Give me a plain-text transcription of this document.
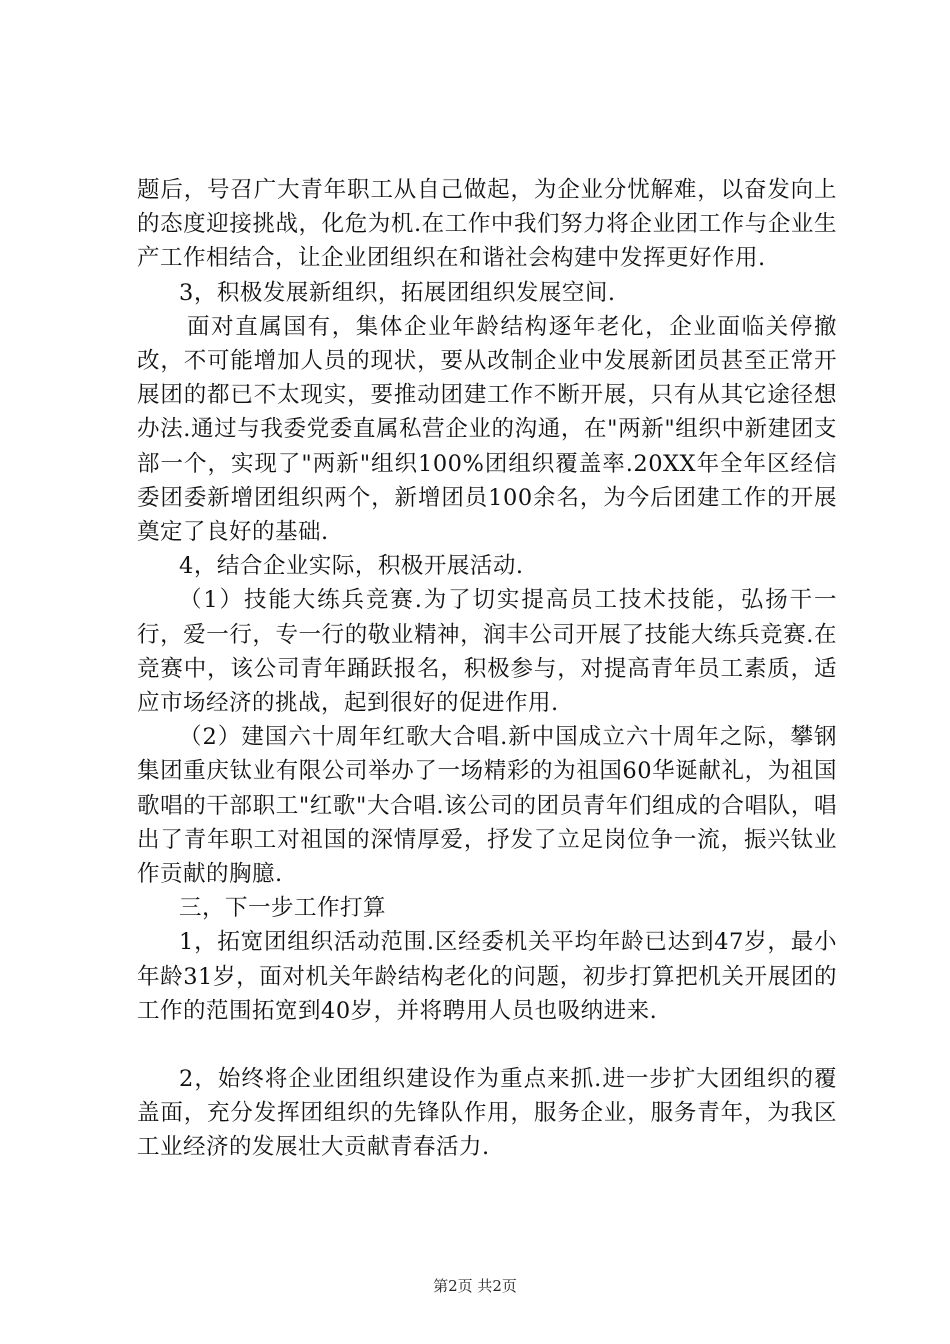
题后，号召广大青年职工从自己做起，为企业分忧解难，以奋发向上的态度迎接挑战，化危为机.在工作中我们努力将企业团工作与企业生产工作相结合，让企业团组织在和谐社会构建中发挥更好作用.

3，积极发展新组织，拓展团组织发展空间.

面对直属国有，集体企业年龄结构逐年老化，企业面临关停撤改，不可能增加人员的现状，要从改制企业中发展新团员甚至正常开展团的都已不太现实，要推动团建工作不断开展，只有从其它途径想办法.通过与我委党委直属私营企业的沟通，在"两新"组织中新建团支部一个，实现了"两新"组织100%团组织覆盖率.20XX年全年区经信委团委新增团组织两个，新增团员100余名，为今后团建工作的开展奠定了良好的基础.

4，结合企业实际，积极开展活动.

（1）技能大练兵竞赛.为了切实提高员工技术技能，弘扬干一行，爱一行，专一行的敬业精神，润丰公司开展了技能大练兵竞赛.在竞赛中，该公司青年踊跃报名，积极参与，对提高青年员工素质，适应市场经济的挑战，起到很好的促进作用.

（2）建国六十周年红歌大合唱.新中国成立六十周年之际，攀钢集团重庆钛业有限公司举办了一场精彩的为祖国60华诞献礼，为祖国歌唱的干部职工"红歌"大合唱.该公司的团员青年们组成的合唱队，唱出了青年职工对祖国的深情厚爱，抒发了立足岗位争一流，振兴钛业作贡献的胸臆.

三，下一步工作打算

1，拓宽团组织活动范围.区经委机关平均年龄已达到47岁，最小年龄31岁，面对机关年龄结构老化的问题，初步打算把机关开展团的工作的范围拓宽到40岁，并将聘用人员也吸纳进来.

2，始终将企业团组织建设作为重点来抓.进一步扩大团组织的覆盖面，充分发挥团组织的先锋队作用，服务企业，服务青年，为我区工业经济的发展壮大贡献青春活力.

第2页 共2页
